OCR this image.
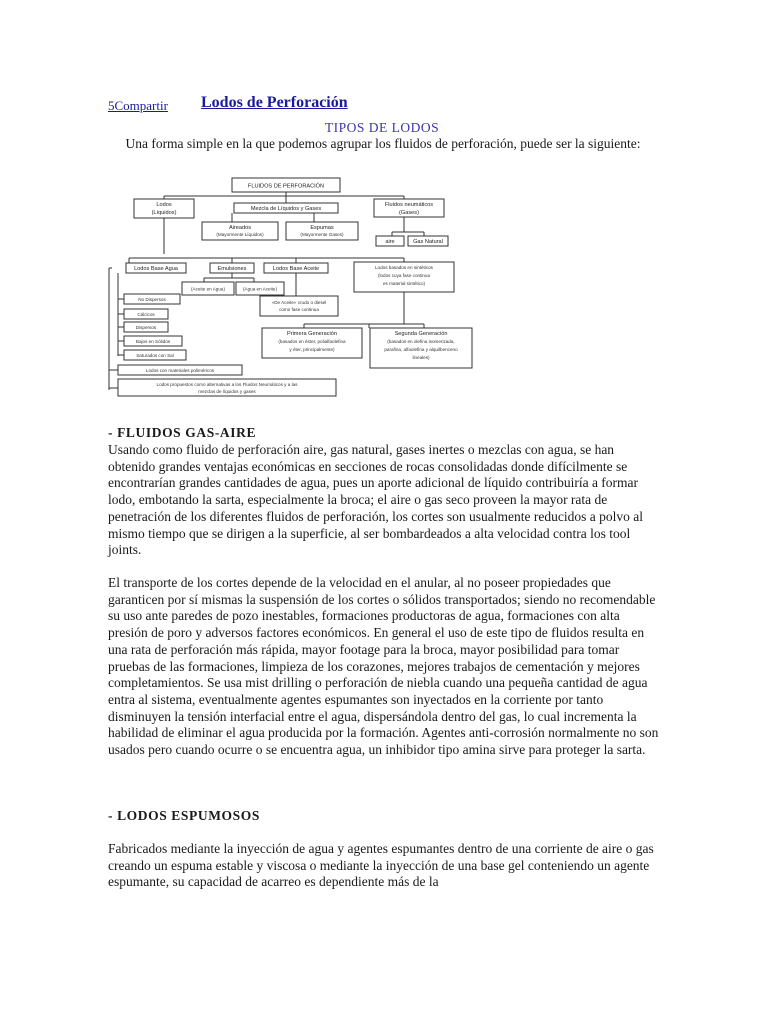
5Compartir Lodos de Perforación
TIPOS DE LODOS
Una forma simple en la que podemos agrupar los fluidos de perforación, puede ser la siguiente:
FLUIDOS DE PERFORACIÓN
Lodos
(Líquidos)
Mezcla de Líquidos y Gases
Fluidos neumáticos
(Gases)
Aireados
(Mayormente Líquidos)
Espumas
(Mayormente Gases)
aire	Gas Natural
Lodos Base Agua	Emulsiones	Lodos Base Aceite	Lodos basados en sintéticos
(lodos cuya fase continua
es material sintético)
(Aceite en Agua)	(Agua en Aceite)
«De Aceite» crudo o diesel
como fase continua
Primera Generación
(basados en éster, polialfaolefina
y éter, principalmente)
Segunda Generación
(basados en olefina isomerizada,
parafina, alfaolefina y alquilbenceno
lineales)
No Dispersos
Cálcicos
Dispersos
Bajos en Sólidos
Saturados con Sal
Lodos con materiales poliméricos
Lodos propuestos como alternativas a los Fluidos Neumáticos y a las
mezclas de líquidos y gases
- FLUIDOS GAS-AIRE

Usando como fluido de perforación aire, gas natural, gases inertes o mezclas con agua, se han obtenido grandes ventajas económicas en secciones de rocas consolidadas donde difícilmente se encontrarían grandes cantidades de agua, pues un aporte adicional de líquido contribuiría a formar lodo, embotando la sarta, especialmente la broca; el aire o gas seco proveen la mayor rata de penetración de los diferentes fluidos de perforación, los cortes son usualmente reducidos a polvo al mismo tiempo que se dirigen a la superficie, al ser bombardeados a alta velocidad contra los tool joints.

El transporte de los cortes depende de la velocidad en el anular, al no poseer propiedades que garanticen por sí mismas la suspensión de los cortes o sólidos transportados; siendo no recomendable su uso ante paredes de pozo inestables, formaciones productoras de agua, formaciones con alta presión de poro y adversos factores económicos. En general el uso de este tipo de fluidos resulta en una rata de perforación más rápida, mayor footage para la broca, mayor posibilidad para tomar pruebas de las formaciones, limpieza de los corazones, mejores trabajos de cementación y mejores completamientos. Se usa mist drilling o perforación de niebla cuando una pequeña cantidad de agua entra al sistema, eventualmente agentes espumantes son inyectados en la corriente por tanto disminuyen la tensión interfacial entre el agua, dispersándola dentro del gas, lo cual incrementa la habilidad de eliminar el agua producida por la formación. Agentes anti-corrosión normalmente no son usados pero cuando ocurre o se encuentra agua, un inhibidor tipo amina sirve para proteger la sarta.

- LODOS ESPUMOSOS

Fabricados mediante la inyección de agua y agentes espumantes dentro de una corriente de aire o gas creando un espuma estable y viscosa o mediante la inyección de una base gel conteniendo un agente espumante, su capacidad de acarreo es dependiente más de la
